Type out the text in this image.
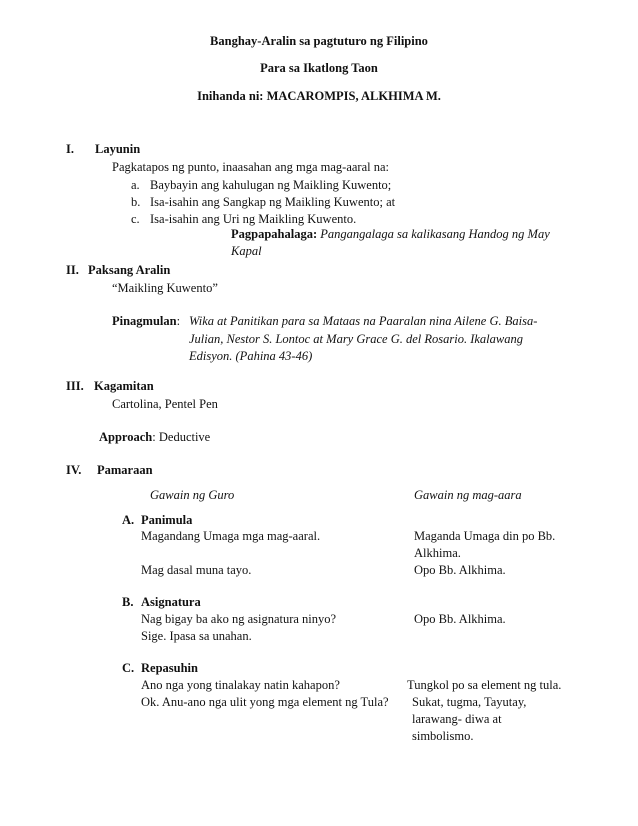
Banghay-Aralin sa pagtuturo ng Filipino
Para sa Ikatlong Taon
Inihanda ni: MACAROMPIS, ALKHIMA M.
I. Layunin
Pagkatapos ng punto, inaasahan ang mga mag-aaral na:
a. Baybayin ang kahulugan ng Maikling Kuwento;
b. Isa-isahin ang Sangkap ng Maikling Kuwento; at
c. Isa-isahin ang Uri ng Maikling Kuwento.
Pagpapahalaga: Pangangalaga sa kalikasang Handog ng May
Kapal
II. Paksang Aralin
“Maikling Kuwento”
Pinagmulan: Wika at Panitikan para sa Mataas na Paaralan nina Ailene G. Baisa-
Julian, Nestor S. Lontoc at Mary Grace G. del Rosario. Ikalawang
Edisyon. (Pahina 43-46)
III. Kagamitan
Cartolina, Pentel Pen
Approach: Deductive
IV. Pamaraan
Gawain ng Guro	Gawain ng mag-aara
A. Panimula
Magandang Umaga mga mag-aaral.	Maganda Umaga din po Bb.
Alkhima.
Mag dasal muna tayo.	Opo Bb. Alkhima.
B. Asignatura
Nag bigay ba ako ng asignatura ninyo?	Opo Bb. Alkhima.
Sige. Ipasa sa unahan.
C. Repasuhin
Ano nga yong tinalakay natin kahapon?	Tungkol po sa element ng tula.
Ok. Anu-ano nga ulit yong mga element ng Tula? Sukat, tugma, Tayutay,
larawang- diwa at
simbolismo.
